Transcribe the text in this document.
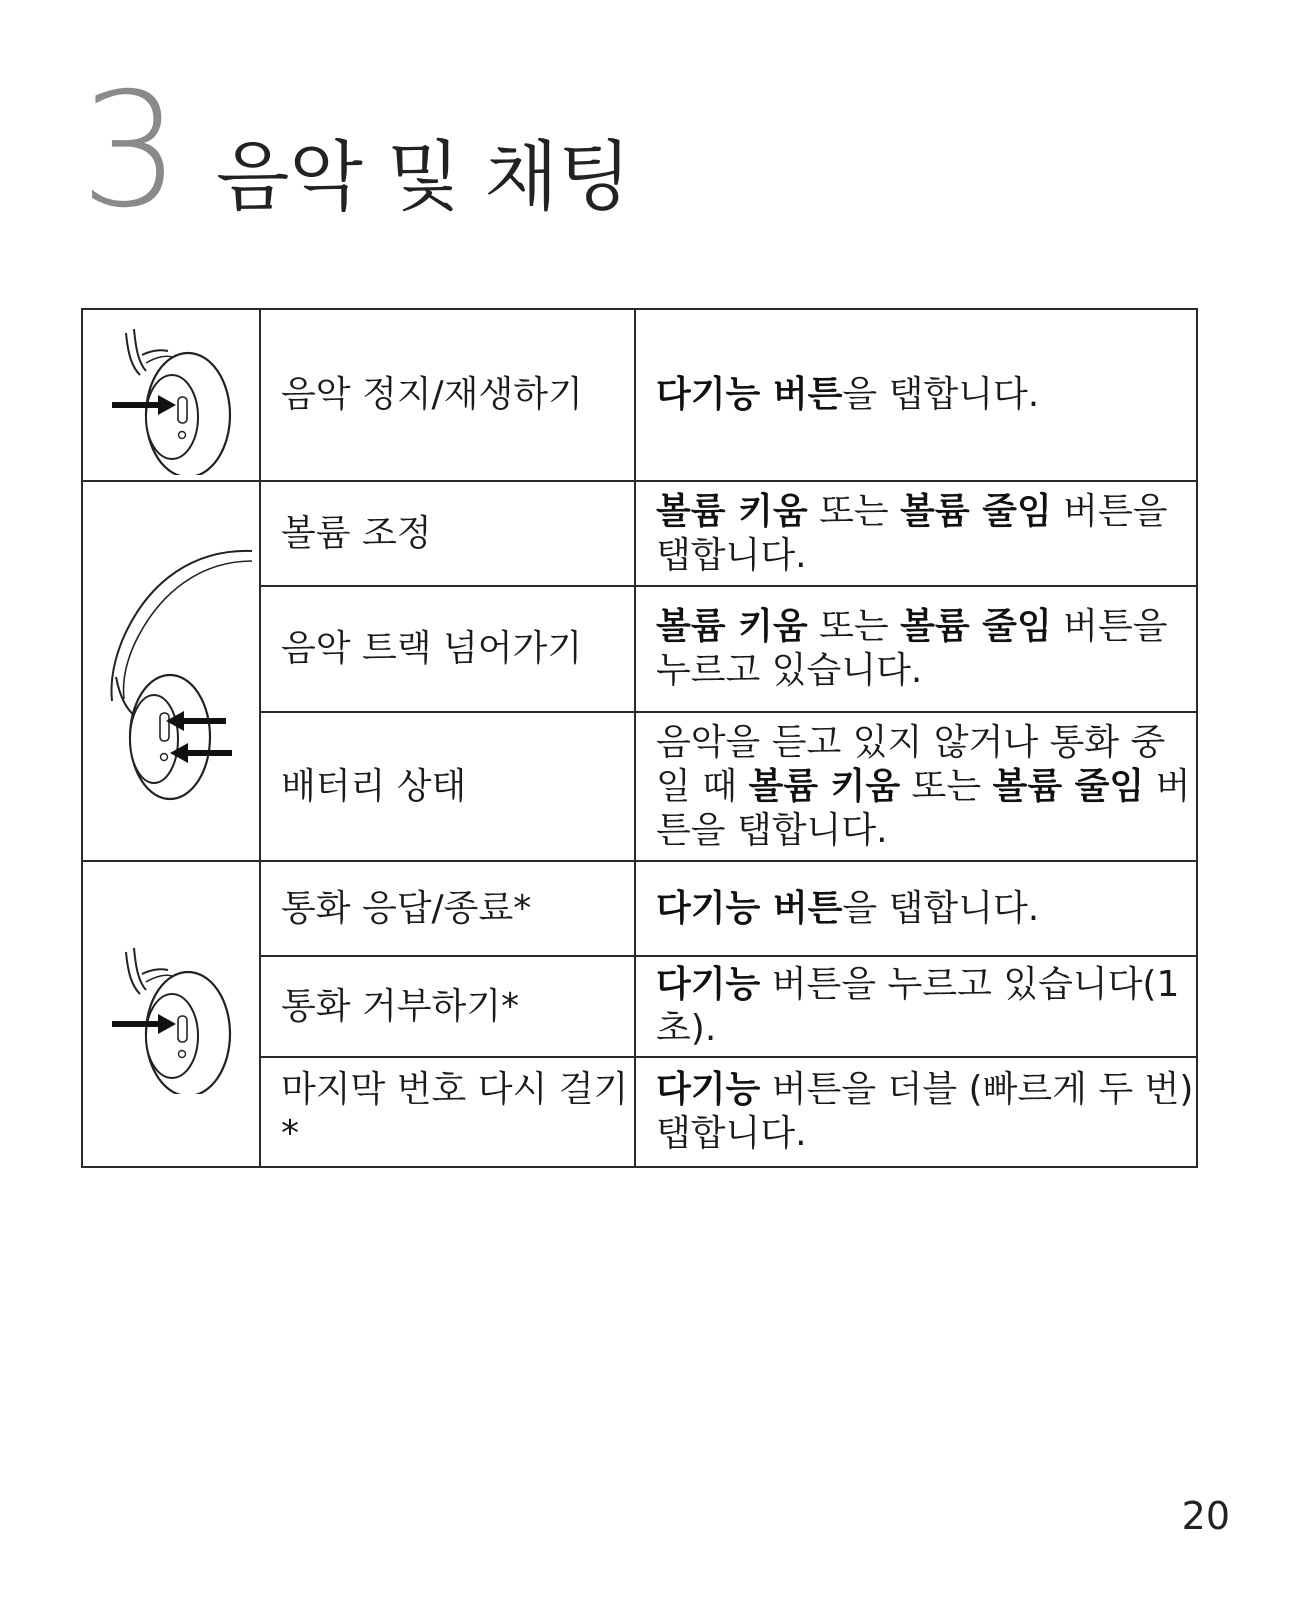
3 음악 및 채팅
	음악 정지/재생하기	다기능 버튼을 탭합니다.

	볼륨 조정	볼륨 키움 또는 볼륨 줄임 버튼을 탭합니다.
	음악 트랙 넘어가기	볼륨 키움 또는 볼륨 줄임 버튼을 누르고 있습니다.
	배터리 상태	음악을 듣고 있지 않거나 통화 중일 때 볼륨 키움 또는 볼륨 줄임 버튼을 탭합니다.

	통화 응답/종료*	다기능 버튼을 탭합니다.
	통화 거부하기*	다기능 버튼을 누르고 있습니다(1초).
	마지막 번호 다시 걸기*	다기능 버튼을 더블 (빠르게 두 번) 탭합니다.
20
